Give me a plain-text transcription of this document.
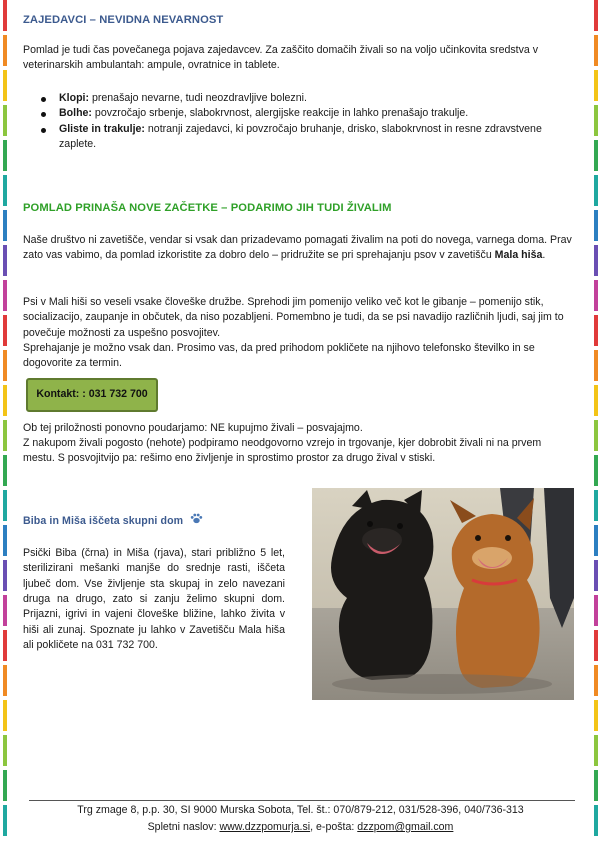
ZAJEDAVCI – NEVIDNA NEVARNOST

Pomlad je tudi čas povečanega pojava zajedavcev. Za zaščito domačih živali so na voljo učinkovita sredstva v veterinarskih ambulantah: ampule, ovratnice in tablete.

Klopi: prenašajo nevarne, tudi neozdravljive bolezni.
Bolhe: povzročajo srbenje, slabokrvnost, alergijske reakcije in lahko prenašajo trakulje.
Gliste in trakulje: notranji zajedavci, ki povzročajo bruhanje, drisko, slabokrvnost in resne zdravstvene zaplete.
POMLAD PRINAŠA NOVE ZAČETKE – PODARIMO JIH TUDI ŽIVALIM

Naše društvo ni zavetišče, vendar si vsak dan prizadevamo pomagati živalim na poti do novega, varnega doma. Prav zato vas vabimo, da pomlad izkoristite za dobro delo – pridružite se pri sprehajanju psov v zavetišču Mala hiša.

Psi v Mali hiši so veseli vsake človeške družbe. Sprehodi jim pomenijo veliko več kot le gibanje – pomenijo stik, socializacijo, zaupanje in občutek, da niso pozabljeni. Pomembno je tudi, da se psi navadijo različnih ljudi, saj jim to povečuje možnosti za uspešno posvojitev.

Sprehajanje je možno vsak dan. Prosimo vas, da pred prihodom pokličete na njihovo telefonsko številko in se dogovorite za termin.

Kontakt: : 031 732 700

Ob tej priložnosti ponovno poudarjamo: NE kupujmo živali – posvajajmo.

Z nakupom živali pogosto (nehote) podpiramo neodgovorno vzrejo in trgovanje, kjer dobrobit živali ni na prvem mestu. S posvojitvijo pa: rešimo eno življenje in sprostimo prostor za drugo žival v stiski.

Biba in Miša iščeta skupni dom

Psički Biba (črna) in Miša (rjava), stari približno 5 let, sterilizirani mešanki manjše do srednje rasti, iščeta ljubeč dom. Vse življenje sta skupaj in zelo navezani druga na drugo, zato si zanju želimo skupni dom. Prijazni, igrivi in vajeni človeške bližine, lahko živita v hiši ali zunaj. Spoznate ju lahko v Zavetišču Mala hiša ali pokličete na 031 732 700.

Trg zmage 8, p.p. 30, SI 9000 Murska Sobota, Tel. št.: 070/879-212, 031/528-396, 040/736-313
Spletni naslov: www.dzzpomurja.si, e-pošta: dzzpom@gmail.com
